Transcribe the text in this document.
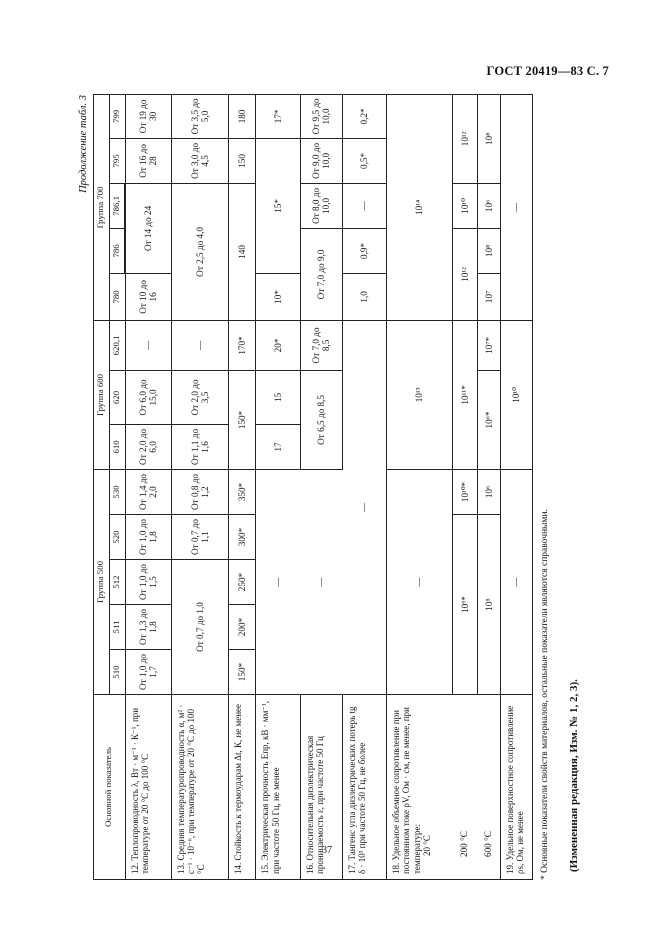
ГОСТ 20419—83 С. 7
37
Продолжение табл. 3
Основной показатель	Группа 500					Группа 600			Группа 700				
	510	511	512	520	530	610	620	620,1	780	786	786,1	795	799

12. Теплопроводность λ, Вт · м⁻¹ · К⁻¹, при температуре от 20 °С до 100 °С	От 1,0 до 1,7	От 1,3 до 1,8	От 1,0 до 1,5	От 1,0 до 1,8	От 1,4 до 2,0	От 2,0 до 6,0	От 6,0 до 15,0	—	От 10 до 16	От 14 до 24		От 16 до 28	От 19 до 30
13. Средняя температуропроводность α, м² · с⁻¹ · 10⁻⁶, при температуре от 20 °С до 100 °С	От 0,7 до 1,0			От 0,7 до 1,1	От 0,8 до 1,2	От 1,1 до 1,6	От 2,0 до 3,5	—	От 2,5 до 4,0			От 3,0 до 4,5	От 3,5 до 5,0
14. Стойкость к термоударам Δt, К, не менее	150*	200*	250*	300*	350*	150*		170*	140			150	180
15. Электрическая прочность Eпр, кВ · мм⁻¹, при частоте 50 Гц, не менее	—					17	15	20*	10*	15*			17*
16. Относительная диэлектрическая проницаемость ε, при частоте 50 Гц	—					От 6,5 до 8,5		От 7,0 до 8,5	От 7,0 до 9,0		От 8,0 до 10,0	От 9,0 до 10,0	От 9,5 до 10,0
17. Тангенс угла диэлектрических потерь tg δ · 10³ при частоте 50 Гц, не более	—								1,0	0,9*	—	0,5*	0,2*
18. Удельное объемное сопротивление при постоянном токе ρV, Ом · см, не менее, при температуре:
20 °С	—					10¹³			10¹⁴				
200 °С	10⁹*				10¹⁰*	10¹¹*			10¹²		10¹⁰	10¹²	
600 °С	10⁵				10⁶	10⁶*		10⁷*	10⁷	10⁸	10⁶	10⁸	
19. Удельное поверхностное сопротивление ρs, Ом, не менее	—					10¹⁰			—				
* Основные показатели свойств материалов, остальные показатели являются справочными. (Измененная редакция, Изм. № 1, 2, 3).
